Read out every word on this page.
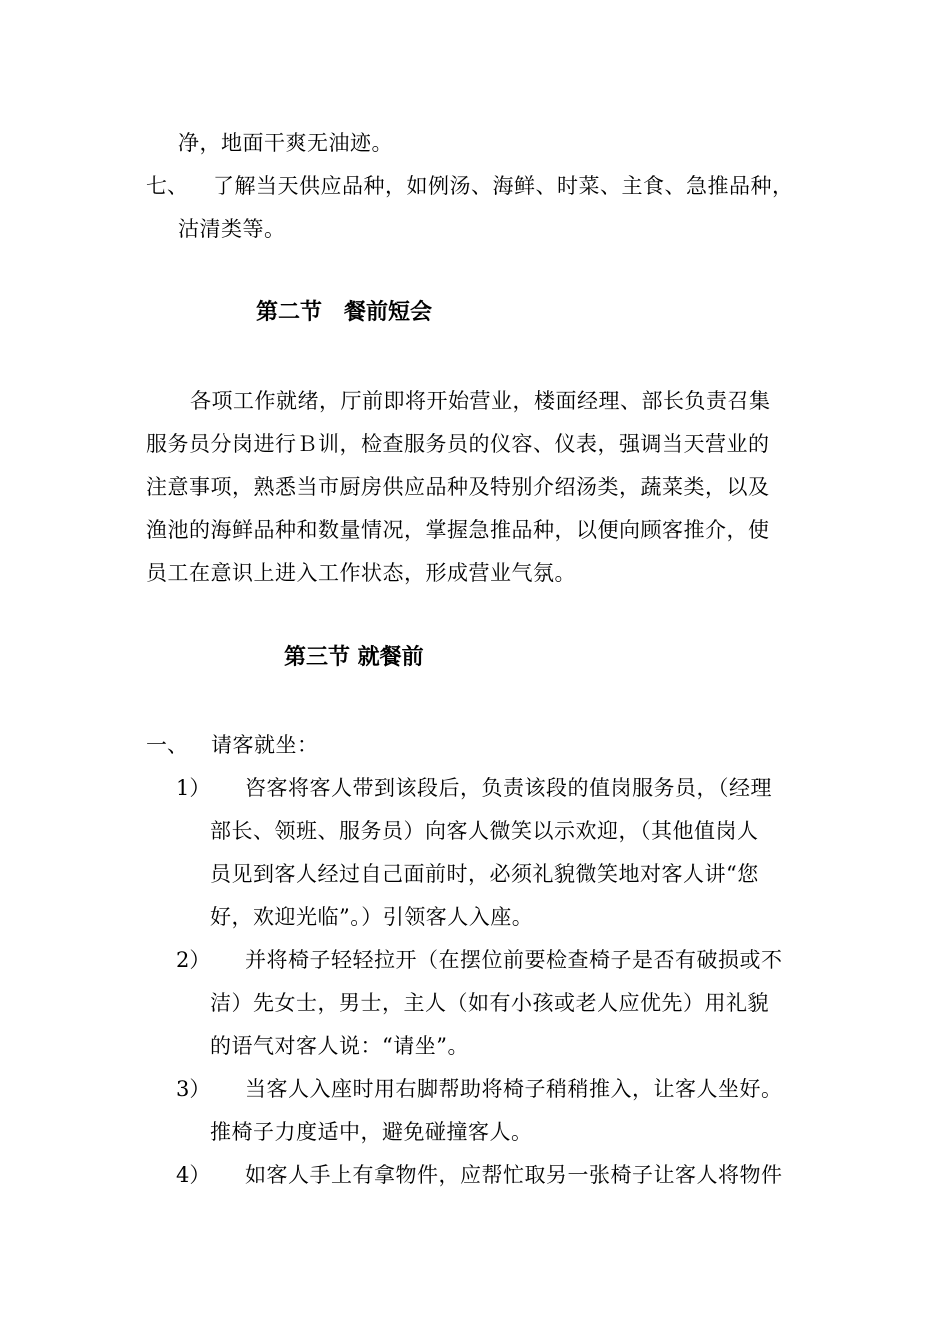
净，地面干爽无油迹。
七、 了解当天供应品种，如例汤、海鲜、时菜、主食、急推品种，
沽清类等。
第二节　餐前短会
各项工作就绪，厅前即将开始营业，楼面经理、部长负责召集
服务员分岗进行Ｂ训，检查服务员的仪容、仪表，强调当天营业的
注意事项，熟悉当市厨房供应品种及特别介绍汤类，蔬菜类，以及
渔池的海鲜品种和数量情况，掌握急推品种，以便向顾客推介，使
员工在意识上进入工作状态，形成营业气氛。
第三节 就餐前
一、 请客就坐：
1） 咨客将客人带到该段后，负责该段的值岗服务员，（经理
部长、领班、服务员）向客人微笑以示欢迎，（其他值岗人
员见到客人经过自己面前时，必须礼貌微笑地对客人讲“您
好，欢迎光临”。）引领客人入座。
2） 并将椅子轻轻拉开（在摆位前要检查椅子是否有破损或不
洁）先女士，男士，主人（如有小孩或老人应优先）用礼貌
的语气对客人说：“请坐”。
3） 当客人入座时用右脚帮助将椅子稍稍推入，让客人坐好。
推椅子力度适中，避免碰撞客人。
4） 如客人手上有拿物件，应帮忙取另一张椅子让客人将物件
